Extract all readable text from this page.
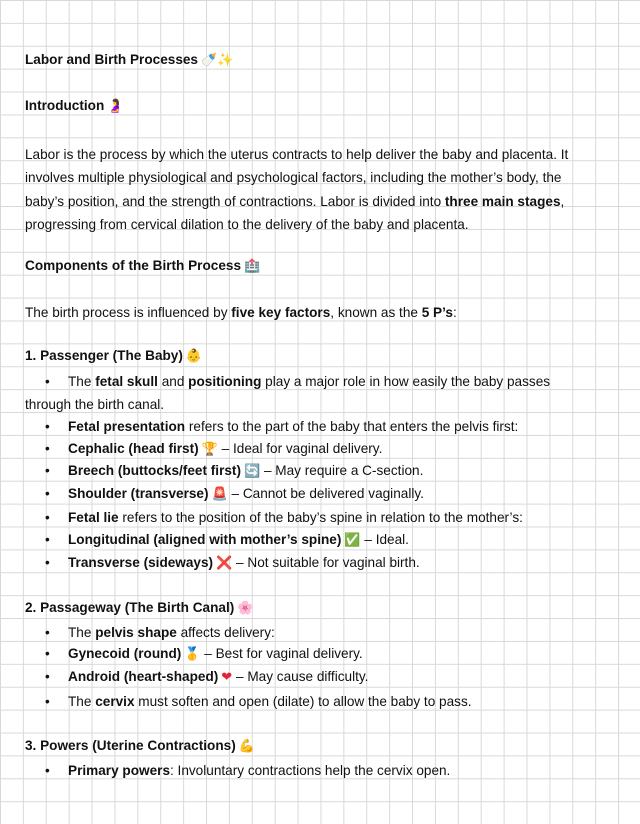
Labor and Birth Processes 🍼✨
Introduction 🤰
Labor is the process by which the uterus contracts to help deliver the baby and placenta. It involves multiple physiological and psychological factors, including the mother’s body, the baby’s position, and the strength of contractions. Labor is divided into three main stages, progressing from cervical dilation to the delivery of the baby and placenta.
Components of the Birth Process 🏥
The birth process is influenced by five key factors, known as the 5 P’s:
1. Passenger (The Baby) 👶
• The fetal skull and positioning play a major role in how easily the baby passes
through the birth canal.
• Fetal presentation refers to the part of the baby that enters the pelvis first:
• Cephalic (head first) 🏆 – Ideal for vaginal delivery.
• Breech (buttocks/feet first) 🔄 – May require a C-section.
• Shoulder (transverse) 🚨 – Cannot be delivered vaginally.
• Fetal lie refers to the position of the baby’s spine in relation to the mother’s:
• Longitudinal (aligned with mother’s spine) ✅ – Ideal.
• Transverse (sideways) ❌ – Not suitable for vaginal birth.
2. Passageway (The Birth Canal) 🌸
• The pelvis shape affects delivery:
• Gynecoid (round) 🥇 – Best for vaginal delivery.
• Android (heart-shaped) ❤ – May cause difficulty.
• The cervix must soften and open (dilate) to allow the baby to pass.
3. Powers (Uterine Contractions) 💪
• Primary powers: Involuntary contractions help the cervix open.
